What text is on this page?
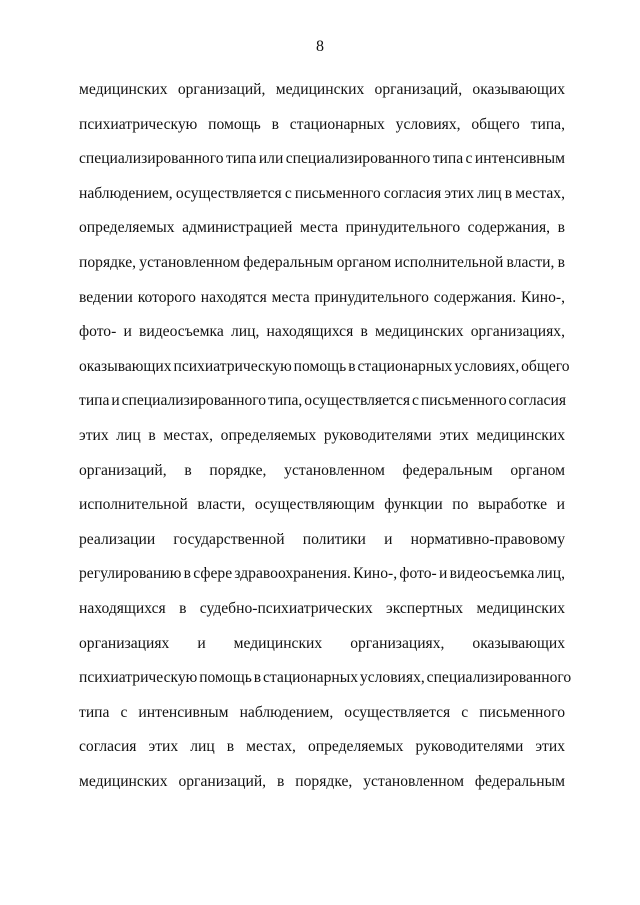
8
медицинских организаций, медицинских организаций, оказывающих
психиатрическую помощь в стационарных условиях, общего типа,
специализированного типа или специализированного типа с интенсивным
наблюдением, осуществляется с письменного согласия этих лиц в местах,
определяемых администрацией места принудительного содержания, в
порядке, установленном федеральным органом исполнительной власти, в
ведении которого находятся места принудительного содержания. Кино-,
фото- и видеосъемка лиц, находящихся в медицинских организациях,
оказывающих психиатрическую помощь в стационарных условиях, общего
типа и специализированного типа, осуществляется с письменного согласия
этих лиц в местах, определяемых руководителями этих медицинских
организаций, в порядке, установленном федеральным органом
исполнительной власти, осуществляющим функции по выработке и
реализации государственной политики и нормативно-правовому
регулированию в сфере здравоохранения. Кино-, фото- и видеосъемка лиц,
находящихся в судебно-психиатрических экспертных медицинских
организациях и медицинских организациях, оказывающих
психиатрическую помощь в стационарных условиях, специализированного
типа с интенсивным наблюдением, осуществляется с письменного
согласия этих лиц в местах, определяемых руководителями этих
медицинских организаций, в порядке, установленном федеральным
